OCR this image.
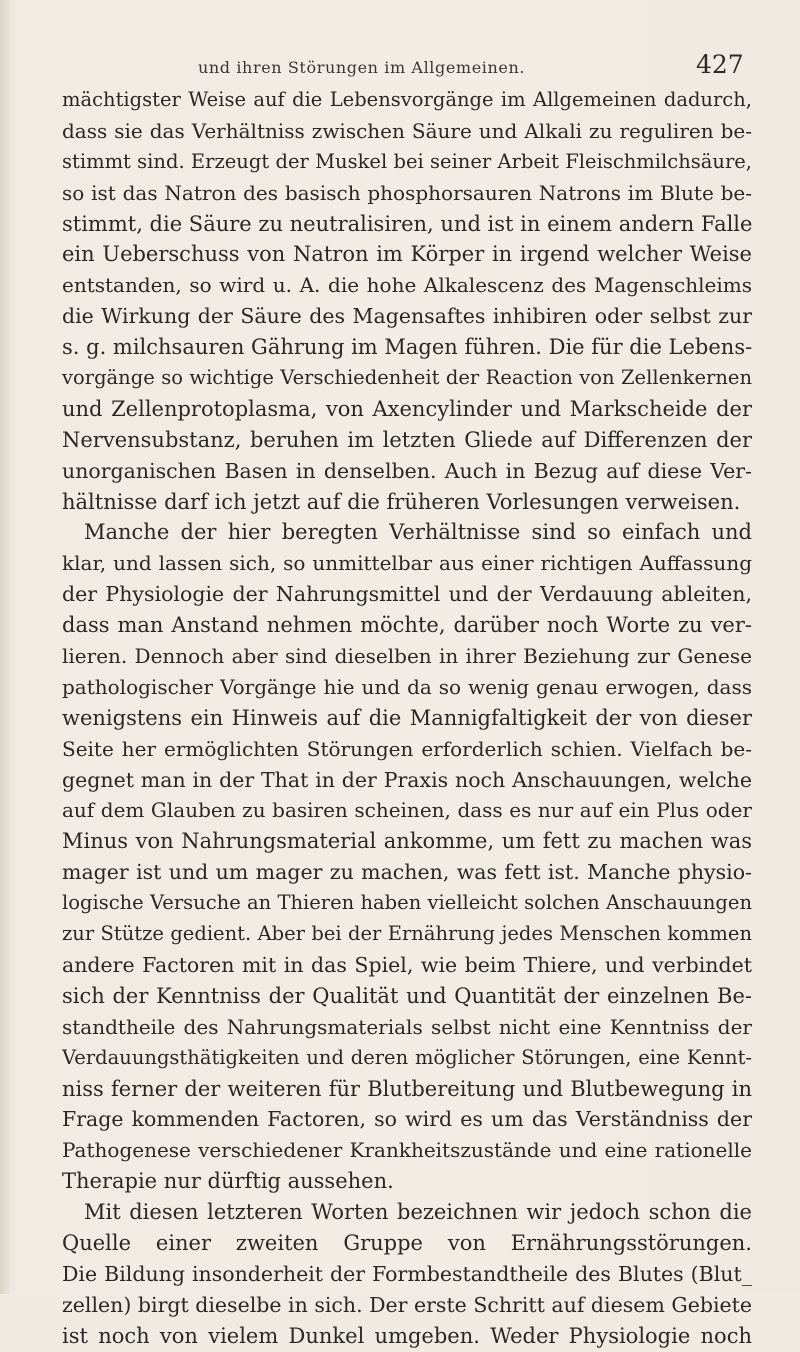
und ihren Störungen im Allgemeinen.	427
mächtigster Weise auf die Lebensvorgänge im Allgemeinen dadurch,
dass sie das Verhältniss zwischen Säure und Alkali zu reguliren be-
stimmt sind. Erzeugt der Muskel bei seiner Arbeit Fleischmilchsäure,
so ist das Natron des basisch phosphorsauren Natrons im Blute be-
stimmt, die Säure zu neutralisiren, und ist in einem andern Falle
ein Ueberschuss von Natron im Körper in irgend welcher Weise
entstanden, so wird u. A. die hohe Alkalescenz des Magenschleims
die Wirkung der Säure des Magensaftes inhibiren oder selbst zur
s. g. milchsauren Gährung im Magen führen. Die für die Lebens-
vorgänge so wichtige Verschiedenheit der Reaction von Zellenkernen
und Zellenprotoplasma, von Axencylinder und Markscheide der
Nervensubstanz, beruhen im letzten Gliede auf Differenzen der
unorganischen Basen in denselben. Auch in Bezug auf diese Ver-
hältnisse darf ich jetzt auf die früheren Vorlesungen verweisen.
Manche der hier beregten Verhältnisse sind so einfach und
klar, und lassen sich, so unmittelbar aus einer richtigen Auffassung
der Physiologie der Nahrungsmittel und der Verdauung ableiten,
dass man Anstand nehmen möchte, darüber noch Worte zu ver-
lieren. Dennoch aber sind dieselben in ihrer Beziehung zur Genese
pathologischer Vorgänge hie und da so wenig genau erwogen, dass
wenigstens ein Hinweis auf die Mannigfaltigkeit der von dieser
Seite her ermöglichten Störungen erforderlich schien. Vielfach be-
gegnet man in der That in der Praxis noch Anschauungen, welche
auf dem Glauben zu basiren scheinen, dass es nur auf ein Plus oder
Minus von Nahrungsmaterial ankomme, um fett zu machen was
mager ist und um mager zu machen, was fett ist. Manche physio-
logische Versuche an Thieren haben vielleicht solchen Anschauungen
zur Stütze gedient. Aber bei der Ernährung jedes Menschen kommen
andere Factoren mit in das Spiel, wie beim Thiere, und verbindet
sich der Kenntniss der Qualität und Quantität der einzelnen Be-
standtheile des Nahrungsmaterials selbst nicht eine Kenntniss der
Verdauungsthätigkeiten und deren möglicher Störungen, eine Kennt-
niss ferner der weiteren für Blutbereitung und Blutbewegung in
Frage kommenden Factoren, so wird es um das Verständniss der
Pathogenese verschiedener Krankheitszustände und eine rationelle
Therapie nur dürftig aussehen.
Mit diesen letzteren Worten bezeichnen wir jedoch schon die
Quelle einer zweiten Gruppe von Ernährungsstörungen.
Die Bildung insonderheit der Formbestandtheile des Blutes (Blut_
zellen) birgt dieselbe in sich. Der erste Schritt auf diesem Gebiete
ist noch von vielem Dunkel umgeben. Weder Physiologie noch
